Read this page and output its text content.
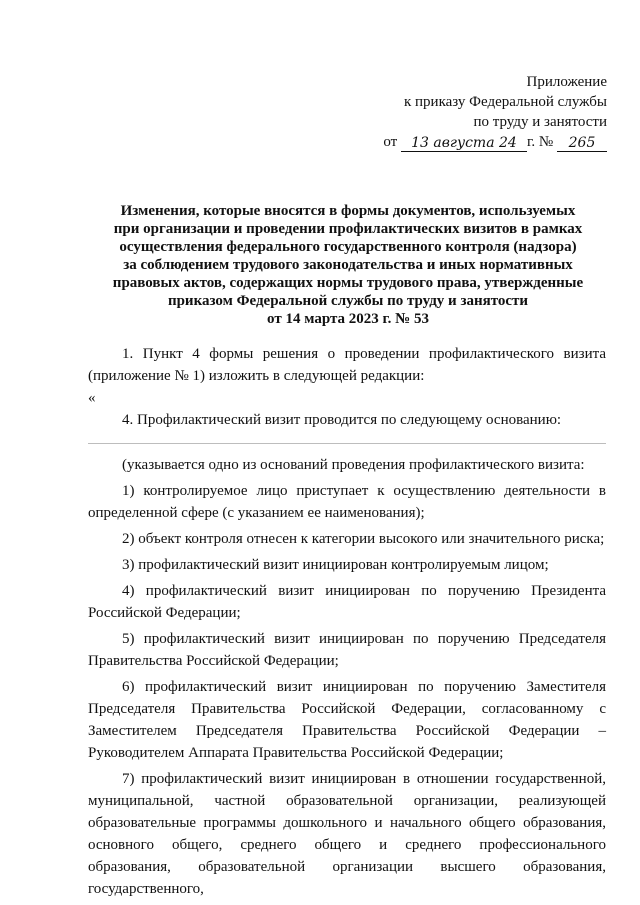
Приложение
к приказу Федеральной службы
по труду и занятости
от 13 августа 24 г. № 265
Изменения, которые вносятся в формы документов, используемых
при организации и проведении профилактических визитов в рамках
осуществления федерального государственного контроля (надзора)
за соблюдением трудового законодательства и иных нормативных
правовых актов, содержащих нормы трудового права, утвержденные
приказом Федеральной службы по труду и занятости
от 14 марта 2023 г. № 53

1. Пункт 4 формы решения о проведении профилактического визита (приложение № 1) изложить в следующей редакции:

«

4. Профилактический визит проводится по следующему основанию:

(указывается одно из оснований проведения профилактического визита:

1) контролируемое лицо приступает к осуществлению деятельности в определенной сфере (с указанием ее наименования);

2) объект контроля отнесен к категории высокого или значительного риска;

3) профилактический визит инициирован контролируемым лицом;

4) профилактический визит инициирован по поручению Президента Российской Федерации;

5) профилактический визит инициирован по поручению Председателя Правительства Российской Федерации;

6) профилактический визит инициирован по поручению Заместителя Председателя Правительства Российской Федерации, согласованному с Заместителем Председателя Правительства Российской Федерации – Руководителем Аппарата Правительства Российской Федерации;

7) профилактический визит инициирован в отношении государственной, муниципальной, частной образовательной организации, реализующей образовательные программы дошкольного и начального общего образования, основного общего, среднего общего и среднего профессионального образования, образовательной организации высшего образования, государственного,
